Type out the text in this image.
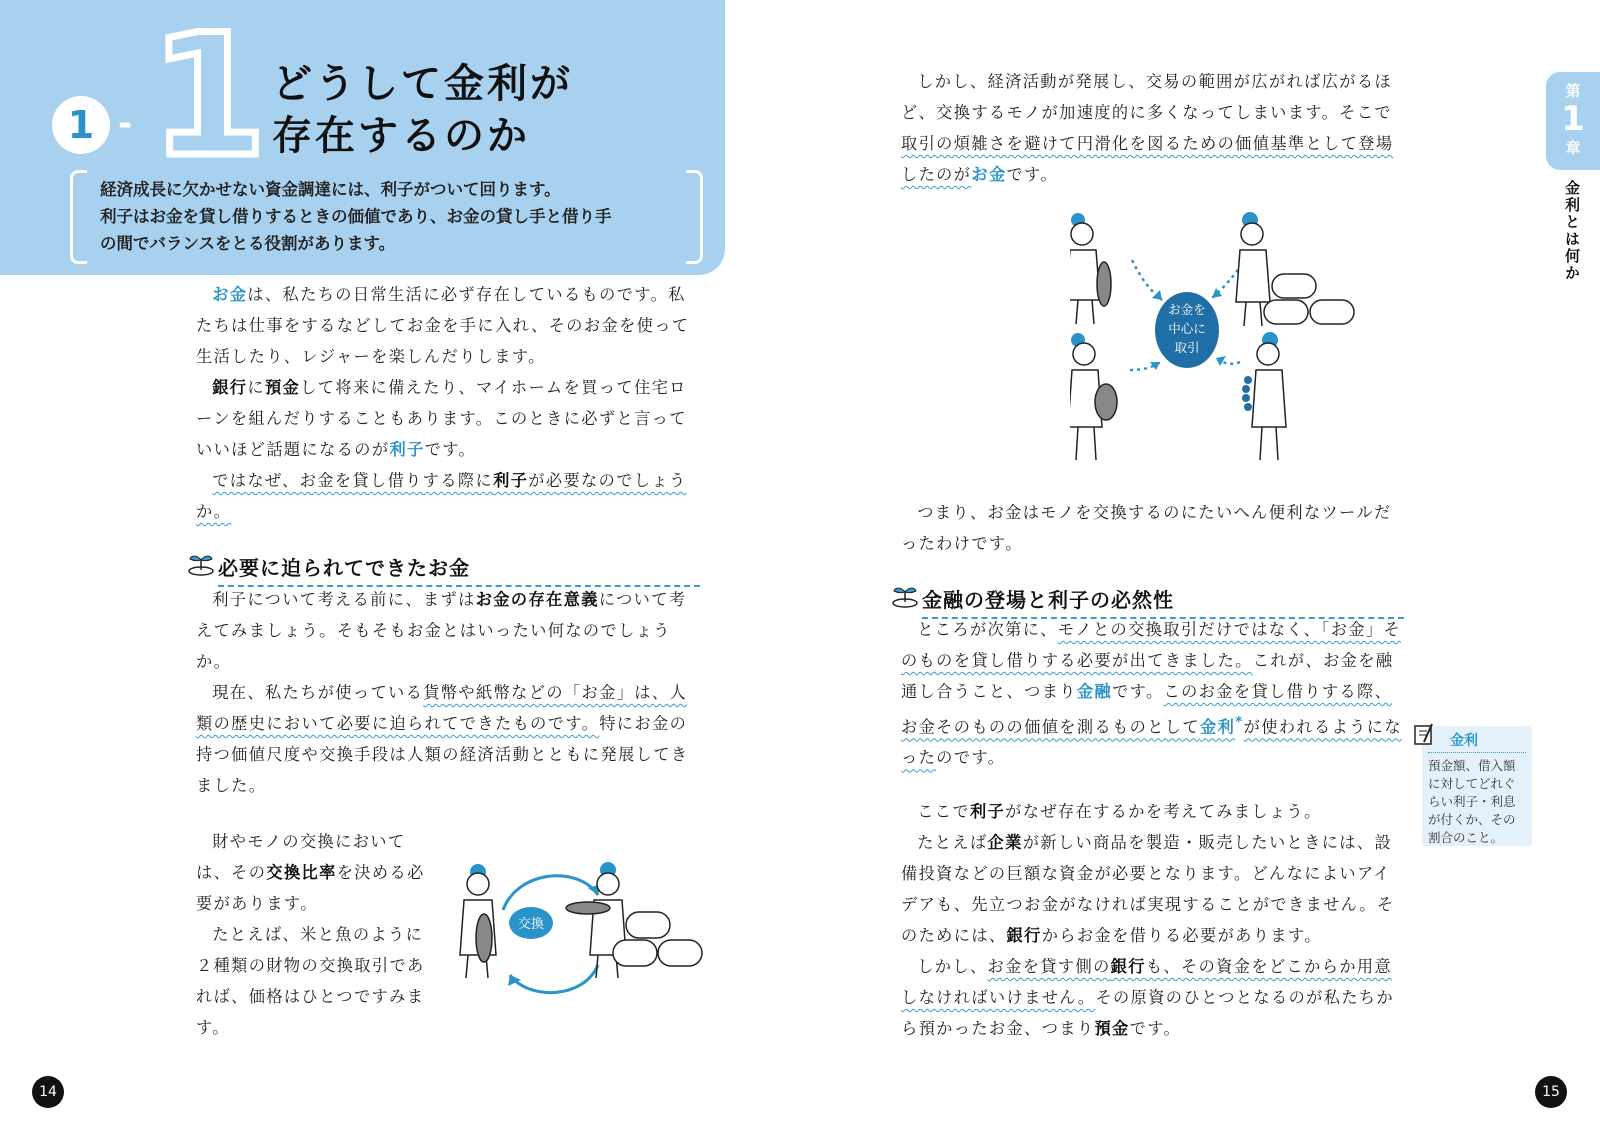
1 - 1 どうして金利が
存在するのか
経済成長に欠かせない資金調達には、利子がついて回ります。
利子はお金を貸し借りするときの価値であり、お金の貸し手と借り手
の間でバランスをとる役割があります。

お金は、私たちの日常生活に必ず存在しているものです。私たちは仕事をするなどしてお金を手に入れ、そのお金を使って生活したり、レジャーを楽しんだりします。

銀行に預金して将来に備えたり、マイホームを買って住宅ローンを組んだりすることもあります。このときに必ずと言っていいほど話題になるのが利子です。

ではなぜ、お金を貸し借りする際に利子が必要なのでしょうか。

必要に迫られてできたお金

利子について考える前に、まずはお金の存在意義について考えてみましょう。そもそもお金とはいったい何なのでしょうか。

現在、私たちが使っている貨幣や紙幣などの「お金」は、人類の歴史において必要に迫られてできたものです。特にお金の持つ価値尺度や交換手段は人類の経済活動とともに発展してきました。

財やモノの交換においては、その交換比率を決める必要があります。

たとえば、米と魚のように２種類の財物の交換取引であれば、価格はひとつですみます。

交換
14

しかし、経済活動が発展し、交易の範囲が広がれば広がるほど、交換するモノが加速度的に多くなってしまいます。そこで取引の煩雑さを避けて円滑化を図るための価値基準として登場したのがお金です。

お金を
中心に
取引

つまり、お金はモノを交換するのにたいへん便利なツールだったわけです。

金融の登場と利子の必然性

ところが次第に、モノとの交換取引だけではなく、「お金」そのものを貸し借りする必要が出てきました。これが、お金を融通し合うこと、つまり金融です。このお金を貸し借りする際、お金そのものの価値を測るものとして金利*が使われるようになったのです。

ここで利子がなぜ存在するかを考えてみましょう。

たとえば企業が新しい商品を製造・販売したいときには、設備投資などの巨額な資金が必要となります。どんなによいアイデアも、先立つお金がなければ実現することができません。そのためには、銀行からお金を借りる必要があります。

しかし、お金を貸す側の銀行も、その資金をどこからか用意しなければいけません。その原資のひとつとなるのが私たちから預かったお金、つまり預金です。

金利
預金額、借入額に対してどれぐらい利子・利息が付くか、その割合のこと。
第
1
章
金利とは何か
15
